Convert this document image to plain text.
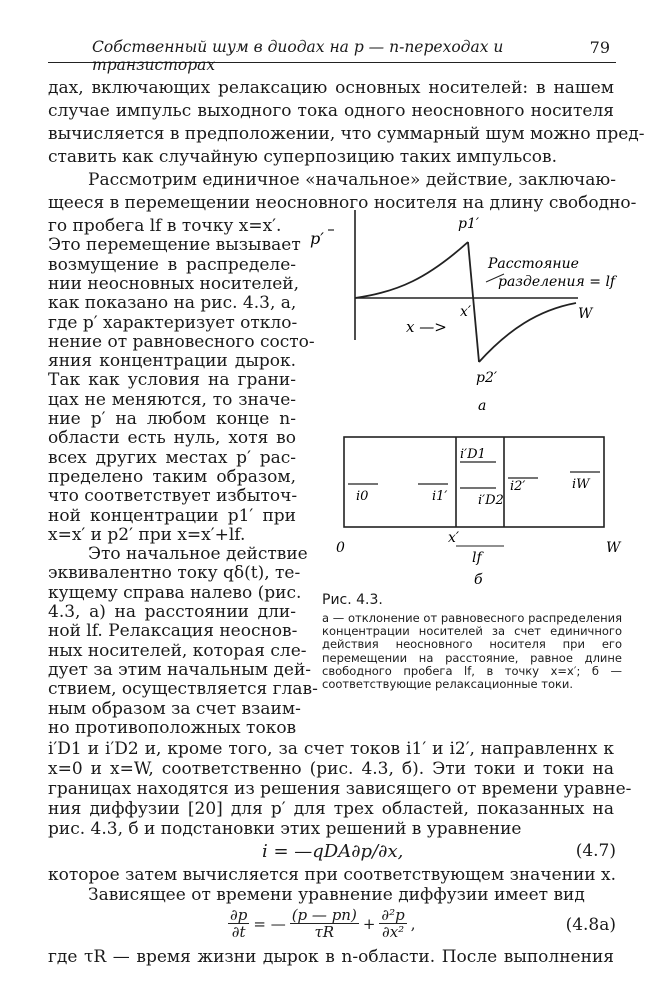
Собственный шум в диодах на p — n-переходах и транзисторах
79
дах, включающих релаксацию основных носителей: в нашем
случае импульс выходного тока одного неосновного носителя
вычисляется в предположении, что суммарный шум можно пред-
ставить как случайную суперпозицию таких импульсов.
Рассмотрим единичное «начальное» действие, заключаю-
щееся в перемещении неосновного носителя на длину свободно-
го пробега lf в точку x=x′.
Это перемещение вызывает
возмущение в распределе-
нии неосновных носителей,
как показано на рис. 4.3, a,
где p′ характеризует откло-
нение от равновесного состо-
яния концентрации дырок.
Так как условия на грани-
цах не меняются, то значе-
ние p′ на любом конце n-
области есть нуль, хотя во
всех других местах p′ рас-
пределено таким образом,
что соответствует избыточ-
ной концентрации p1′ при
x=x′ и p2′ при x=x′+lf.
Это начальное действие
эквивалентно току qδ(t), те-
кущему справа налево (рис.
4.3, a) на расстоянии дли-
ной lf. Релаксация неоснов-
ных носителей, которая сле-
дует за этим начальным дей-
ствием, осуществляется глав-
ным образом за счет взаим-
но противоположных токов
p′
p1′
p2′
Расстояние
разделения = lf
x —>
x′	W
a
i0	i1′
i′D1
i′D2
i2′	iW
0
x′
lf
W
б
Рис. 4.3.
a — отклонение от равновесного распределения концентрации носителей за счет единичного действия неосновного носителя при его перемещении на расстояние, равное длине свободного пробега lf, в точку x=x′; б — соответствующие релаксационные токи.
i′D1 и i′D2 и, кроме того, за счет токов i1′ и i2′, направленнх к
x=0 и x=W, соответственно (рис. 4.3, б). Эти токи и токи на
границах находятся из решения зависящего от времени уравне-
ния диффузии [20] для p′ для трех областей, показанных на
рис. 4.3, б и подстановки этих решений в уравнение
i = —qDA∂p/∂x,	(4.7)
которое затем вычисляется при соответствующем значении x.
Зависящее от времени уравнение диффузии имеет вид
$\frac{\partial p}{\partial t}$ = — $\frac{(p — pn)}{\tau R} + \frac{\text{∂²p}}{\text{∂x²}}$ ,	(4.8a)
где τR — время жизни дырок в n-области. После выполнения
